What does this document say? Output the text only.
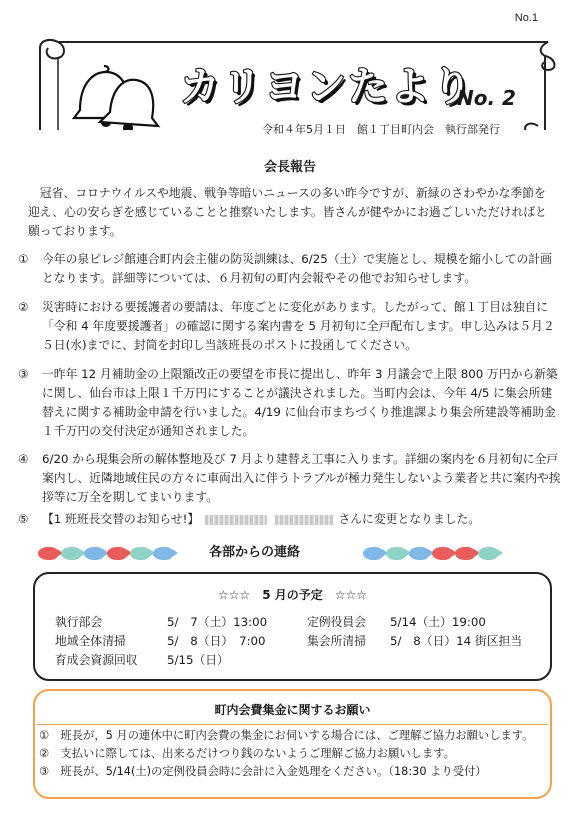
No.1
カリヨンたより
No. 2
令和４年5月１日　館１丁目町内会　執行部発行
会長報告
冠省、コロナウイルスや地震、戦争等暗いニュースの多い昨今ですが、新緑のさわやかな季節を迎え、心の安らぎを感じていることと推察いたします。皆さんが健やかにお過ごしいただければと願っております。
①	今年の泉ピレジ館連合町内会主催の防災訓練は、6/25（土）で実施とし、規模を縮小しての計画となります。詳細等については、６月初旬の町内会報やその他でお知らせします。
②	災害時における要援護者の要請は、年度ごとに変化があります。したがって、館１丁目は独自に「令和 4 年度要援護者」の確認に関する案内書を 5 月初旬に全戸配布します。申し込みは５月２５日(水)までに、封筒を封印し当該班長のポストに投函してください。
③	一昨年 12 月補助金の上限額改正の要望を市長に提出し、昨年 3 月議会で上限 800 万円から新築に関し、仙台市は上限１千万円にすることが議決されました。当町内会は、今年 4/5 に集会所建替えに関する補助金申請を行いました。4/19 に仙台市まちづくり推進課より集会所建設等補助金１千万円の交付決定が通知されました。
④	6/20 から現集会所の解体整地及び 7 月より建替え工事に入ります。詳細の案内を６月初旬に全戸案内し、近隣地域住民の方々に車両出入に伴うトラブルが極力発生しないよう業者と共に案内や挨拶等に万全を期してまいります。
⑤	【1 班班長交替のお知らせ!】	さんに変更となりました。
各部からの連絡
☆☆☆　5 月の予定　☆☆☆
執行部会	5/　7（土）13:00	定例役員会 5/14（土）19:00
地域全体清掃	5/　8（日）　7:00	集会所清掃 5/　8（日）14 街区担当
育成会資源回収 5/15（日）
町内会費集金に関するお願い
①　班長が，5 月の連休中に町内会費の集金にお伺いする場合には、ご理解ご協力お願いします。
②　支払いに際しては、出来るだけつり銭のないようご理解ご協力お願いします。
③　班長が、5/14(土)の定例役員会時に会計に入金処理をください。（18:30 より受付）
